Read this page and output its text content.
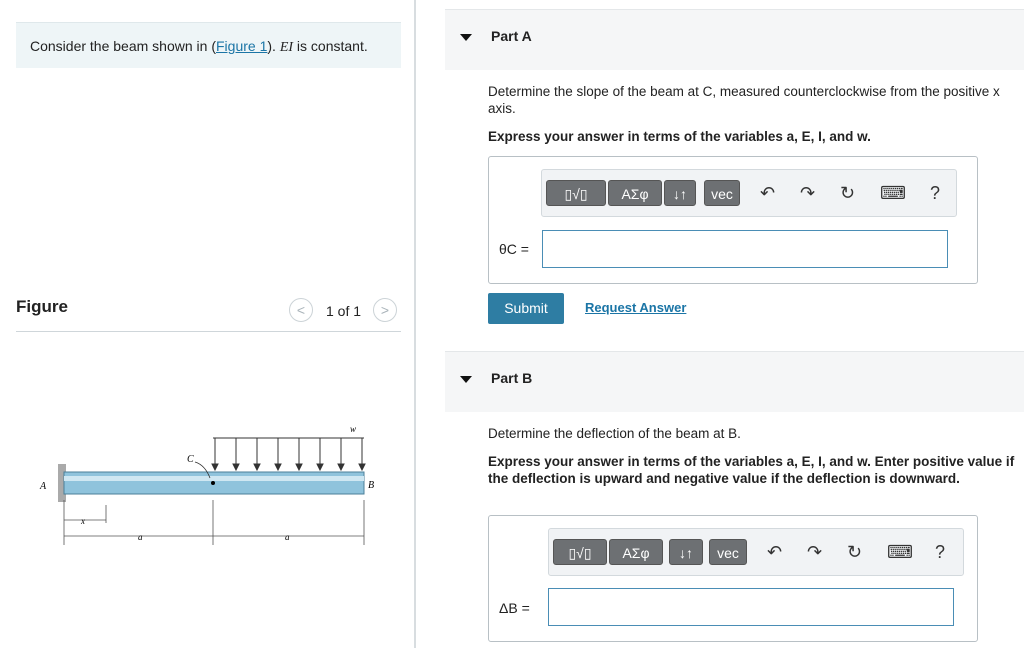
Consider the beam shown in (Figure 1). EI is constant.
Figure	<	1 of 1	>
A
C
B
w
x
a	a
Part A
Determine the slope of the beam at C, measured counterclockwise from the positive x axis.
Express your answer in terms of the variables a, E, I, and w.
▯√▯	ΑΣφ	↓↑	vec	↶ ↷ ↻ ⌨ ?
θC =
Submit	Request Answer
Part B
Determine the deflection of the beam at B.
Express your answer in terms of the variables a, E, I, and w. Enter positive value if the deflection is upward and negative value if the deflection is downward.
▯√▯	ΑΣφ	↓↑	vec	↶ ↷ ↻ ⌨ ?
ΔB =
